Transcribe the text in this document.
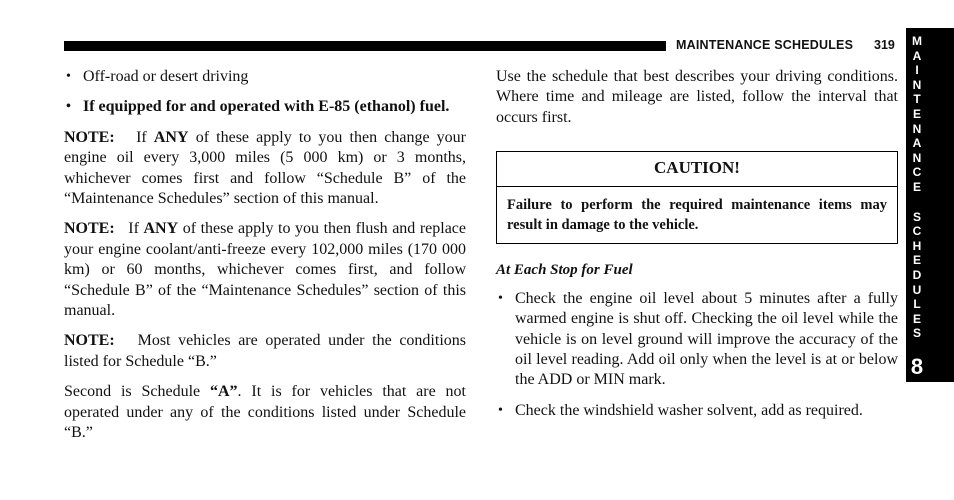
MAINTENANCE SCHEDULES 319 M
A
I
N
T
E
N
A
N
C
E
S
C
H
E
D
U
L
E
S
8
• Off-road or desert driving
• If equipped for and operated with E-85 (ethanol) fuel.

NOTE: If ANY of these apply to you then change your engine oil every 3,000 miles (5 000 km) or 3 months, whichever comes first and follow “Schedule B” of the “Maintenance Schedules” section of this manual.

NOTE: If ANY of these apply to you then flush and replace your engine coolant/anti-freeze every 102,000 miles (170 000 km) or 60 months, whichever comes first, and follow “Schedule B” of the “Maintenance Schedules” section of this manual.

NOTE: Most vehicles are operated under the conditions listed for Schedule “B.”

Second is Schedule “A”. It is for vehicles that are not operated under any of the conditions listed under Schedule “B.”

Use the schedule that best describes your driving conditions. Where time and mileage are listed, follow the interval that occurs first.

CAUTION!
Failure to perform the required maintenance items may result in damage to the vehicle.
At Each Stop for Fuel
• Check the engine oil level about 5 minutes after a fully warmed engine is shut off. Checking the oil level while the vehicle is on level ground will improve the accuracy of the oil level reading. Add oil only when the level is at or below the ADD or MIN mark.
• Check the windshield washer solvent, add as required.
